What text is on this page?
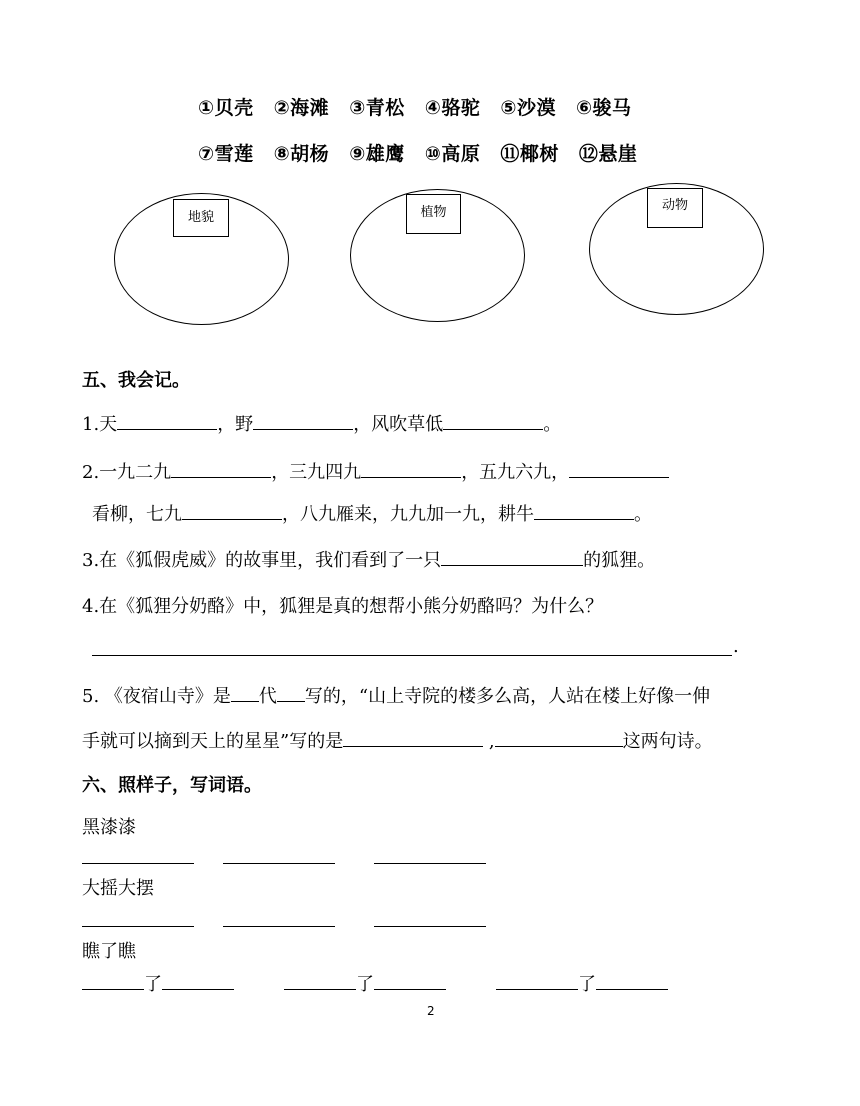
①贝壳 ②海滩 ③青松 ④骆驼 ⑤沙漠 ⑥骏马
⑦雪莲 ⑧胡杨 ⑨雄鹰 ⑩高原 ⑪椰树 ⑫悬崖
地貌	植物	动物
五、我会记。
1.天	，野	，风吹草低	。
2.一九二九	，三九四九	，五九六九，
看柳，七九	，八九雁来，九九加一九，耕牛	。
3.在《狐假虎威》的故事里，我们看到了一只	的狐狸。
4.在《狐狸分奶酪》中，狐狸是真的想帮小熊分奶酪吗？为什么？
.
5. 《夜宿山寺》是 代 写的，“山上寺院的楼多么高，人站在楼上好像一伸
手就可以摘到天上的星星”写的是	,	这两句诗。
六、照样子，写词语。
黑漆漆
大摇大摆
瞧了瞧
了	了	了
2
